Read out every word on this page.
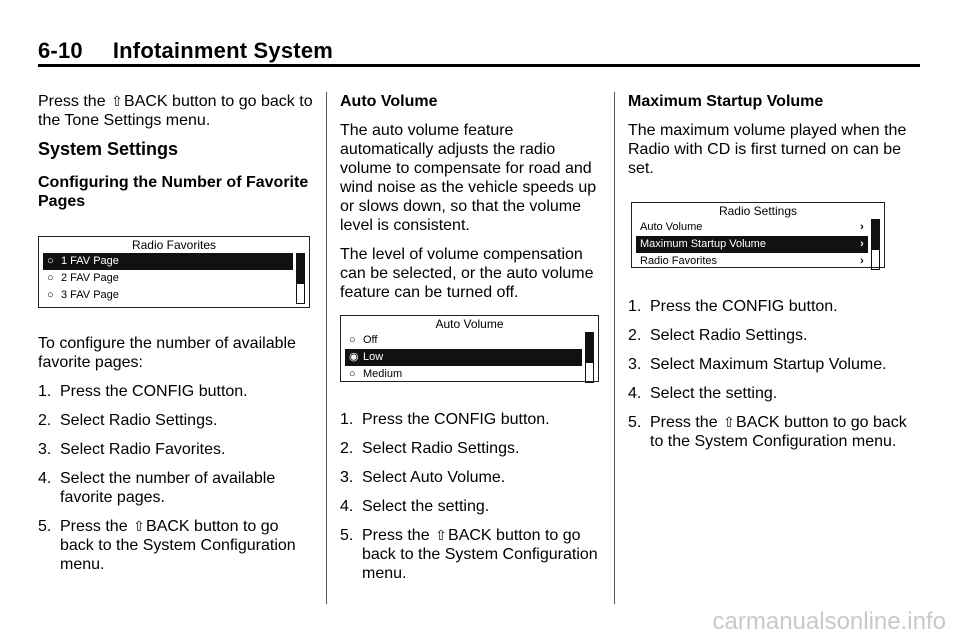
6-10 Infotainment System

Press the ⇧BACK button to go back to the Tone Settings menu.

System Settings
Configuring the Number of Favorite Pages
Radio Favorites
○ 1 FAV Page
○ 2 FAV Page
○ 3 FAV Page

To configure the number of available favorite pages:

1. Press the CONFIG button.
2. Select Radio Settings.
3. Select Radio Favorites.
4. Select the number of available favorite pages.
5. Press the ⇧BACK button to go back to the System Configuration menu.
Auto Volume

The auto volume feature automatically adjusts the radio volume to compensate for road and wind noise as the vehicle speeds up or slows down, so that the volume level is consistent.

The level of volume compensation can be selected, or the auto volume feature can be turned off.

Auto Volume
○ Off
◉ Low
○ Medium
1. Press the CONFIG button.
2. Select Radio Settings.
3. Select Auto Volume.
4. Select the setting.
5. Press the ⇧BACK button to go back to the System Configuration menu.
Maximum Startup Volume

The maximum volume played when the Radio with CD is first turned on can be set.

Radio Settings
Auto Volume	›
Maximum Startup Volume	›
Radio Favorites	›
1. Press the CONFIG button.
2. Select Radio Settings.
3. Select Maximum Startup Volume.
4. Select the setting.
5. Press the ⇧BACK button to go back to the System Configuration menu.
carmanualsonline.info
